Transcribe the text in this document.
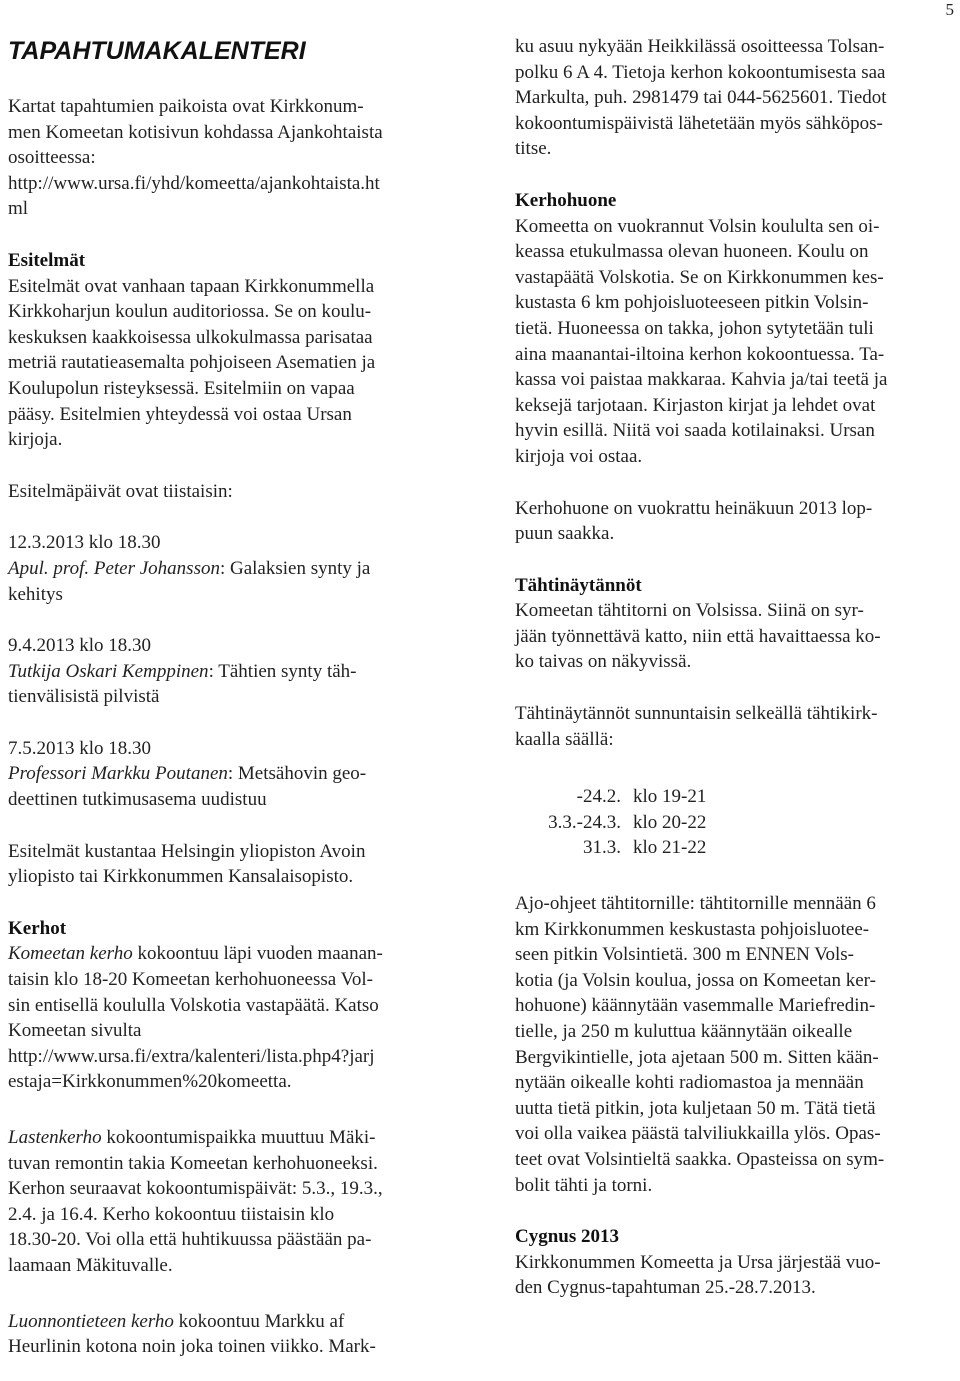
5
TAPAHTUMAKALENTERI

Kartat tapahtumien paikoista ovat Kirkkonum-
men Komeetan kotisivun kohdassa Ajankohtaista
osoitteessa:
http://www.ursa.fi/yhd/komeetta/ajankohtaista.ht
ml

Esitelmät

Esitelmät ovat vanhaan tapaan Kirkkonummella
Kirkkoharjun koulun auditoriossa. Se on koulu-
keskuksen kaakkoisessa ulkokulmassa parisataa
metriä rautatieasemalta pohjoiseen Asematien ja
Koulupolun risteyksessä. Esitelmiin on vapaa
pääsy. Esitelmien yhteydessä voi ostaa Ursan
kirjoja.

Esitelmäpäivät ovat tiistaisin:

12.3.2013 klo 18.30

Apul. prof. Peter Johansson: Galaksien synty ja
kehitys

9.4.2013 klo 18.30

Tutkija Oskari Kemppinen: Tähtien synty täh-
tienvälisistä pilvistä

7.5.2013 klo 18.30

Professori Markku Poutanen: Metsähovin geo-
deettinen tutkimusasema uudistuu

Esitelmät kustantaa Helsingin yliopiston Avoin
yliopisto tai Kirkkonummen Kansalaisopisto.

Kerhot

Komeetan kerho kokoontuu läpi vuoden maanan-
taisin klo 18-20 Komeetan kerhohuoneessa Vol-
sin entisellä koululla Volskotia vastapäätä. Katso
Komeetan sivulta
http://www.ursa.fi/extra/kalenteri/lista.php4?jarj
estaja=Kirkkonummen%20komeetta.

Lastenkerho kokoontumispaikka muuttuu Mäki-
tuvan remontin takia Komeetan kerhohuoneeksi.
Kerhon seuraavat kokoontumispäivät: 5.3., 19.3.,
2.4. ja 16.4. Kerho kokoontuu tiistaisin klo
18.30-20. Voi olla että huhtikuussa päästään pa-
laamaan Mäkituvalle.

Luonnontieteen kerho kokoontuu Markku af
Heurlinin kotona noin joka toinen viikko. Mark-

ku asuu nykyään Heikkilässä osoitteessa Tolsan-
polku 6 A 4. Tietoja kerhon kokoontumisesta saa
Markulta, puh. 2981479 tai 044-5625601. Tiedot
kokoontumispäivistä lähetetään myös sähköpos-
titse.

Kerhohuone

Komeetta on vuokrannut Volsin koululta sen oi-
keassa etukulmassa olevan huoneen. Koulu on
vastapäätä Volskotia. Se on Kirkkonummen kes-
kustasta 6 km pohjoisluoteeseen pitkin Volsin-
tietä. Huoneessa on takka, johon sytytetään tuli
aina maanantai-iltoina kerhon kokoontuessa. Ta-
kassa voi paistaa makkaraa. Kahvia ja/tai teetä ja
keksejä tarjotaan. Kirjaston kirjat ja lehdet ovat
hyvin esillä. Niitä voi saada kotilainaksi. Ursan
kirjoja voi ostaa.

Kerhohuone on vuokrattu heinäkuun 2013 lop-
puun saakka.

Tähtinäytännöt

Komeetan tähtitorni on Volsissa. Siinä on syr-
jään työnnettävä katto, niin että havaittaessa ko-
ko taivas on näkyvissä.

Tähtinäytännöt sunnuntaisin selkeällä tähtikirk-
kaalla säällä:

-24.2.	klo 19-21
3.3.-24.3.	klo 20-22
31.3.	klo 21-22

Ajo-ohjeet tähtitornille: tähtitornille mennään 6
km Kirkkonummen keskustasta pohjoisluotee-
seen pitkin Volsintietä. 300 m ENNEN Vols-
kotia (ja Volsin koulua, jossa on Komeetan ker-
hohuone) käännytään vasemmalle Mariefredin-
tielle, ja 250 m kuluttua käännytään oikealle
Bergvikintielle, jota ajetaan 500 m. Sitten kään-
nytään oikealle kohti radiomastoa ja mennään
uutta tietä pitkin, jota kuljetaan 50 m. Tätä tietä
voi olla vaikea päästä talviliukkailla ylös. Opas-
teet ovat Volsintieltä saakka. Opasteissa on sym-
bolit tähti ja torni.

Cygnus 2013

Kirkkonummen Komeetta ja Ursa järjestää vuo-
den Cygnus-tapahtuman 25.-28.7.2013.
